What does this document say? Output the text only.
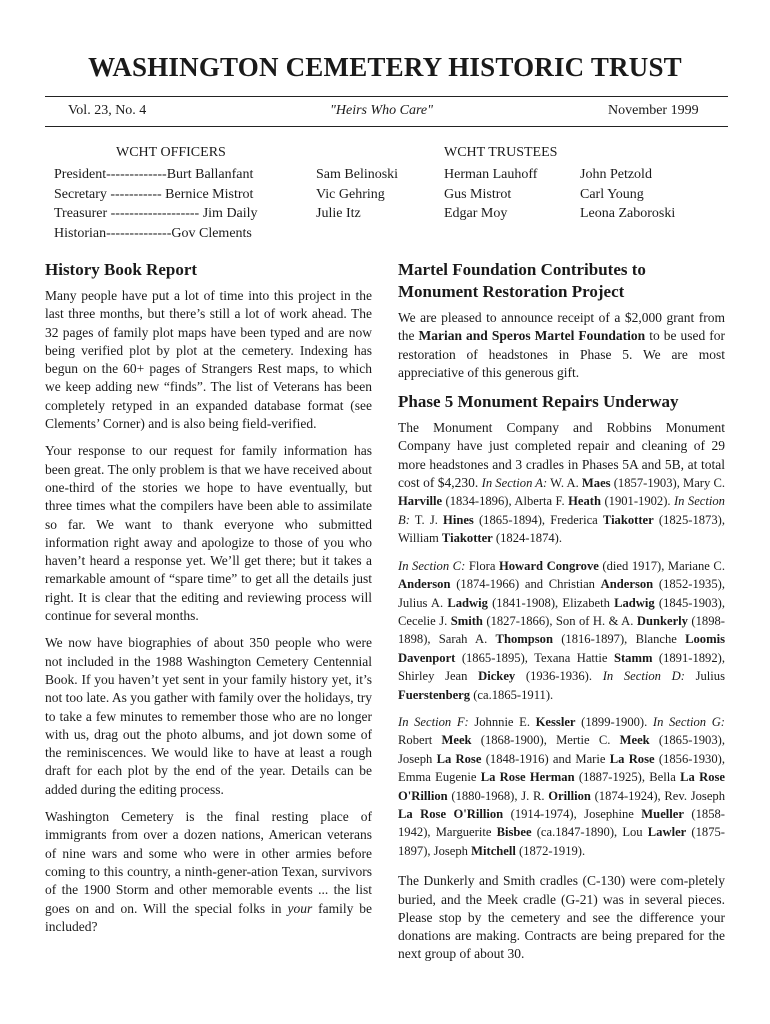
WASHINGTON CEMETERY HISTORIC TRUST
Vol. 23, No. 4	"Heirs Who Care"	November 1999
WCHT OFFICERS
President-------------Burt Ballanfant
Secretary ----------- Bernice Mistrot
Treasurer ------------------- Jim Daily
Historian--------------Gov Clements
WCHT TRUSTEES
Sam Belinoski
Vic Gehring
Julie Itz
Herman Lauhoff
Gus Mistrot
Edgar Moy
John Petzold
Carl Young
Leona Zaboroski
History Book Report

Many people have put a lot of time into this project in the last three months, but there’s still a lot of work ahead. The 32 pages of family plot maps have been typed and are now being verified plot by plot at the cemetery. Indexing has begun on the 60+ pages of Strangers Rest maps, to which we keep adding new “finds”. The list of Veterans has been completely retyped in an expanded database format (see Clements’ Corner) and is also being field-verified.

Your response to our request for family information has been great. The only problem is that we have received about one-third of the stories we hope to have eventually, but three times what the compilers have been able to assimilate so far. We want to thank everyone who submitted information right away and apologize to those of you who haven’t heard a response yet. We’ll get there; but it takes a remarkable amount of “spare time” to get all the details just right. It is clear that the editing and reviewing process will continue for several months.

We now have biographies of about 350 people who were not included in the 1988 Washington Cemetery Centennial Book. If you haven’t yet sent in your family history yet, it’s not too late. As you gather with family over the holidays, try to take a few minutes to remember those who are no longer with us, drag out the photo albums, and jot down some of the reminiscences. We would like to have at least a rough draft for each plot by the end of the year. Details can be added during the editing process.

Washington Cemetery is the final resting place of immigrants from over a dozen nations, American veterans of nine wars and some who were in other armies before coming to this country, a ninth-gener-ation Texan, survivors of the 1900 Storm and other memorable events ... the list goes on and on. Will the special folks in your family be included?

Martel Foundation Contributes to Monument Restoration Project

We are pleased to announce receipt of a $2,000 grant from the Marian and Speros Martel Foundation to be used for restoration of headstones in Phase 5. We are most appreciative of this generous gift.

Phase 5 Monument Repairs Underway

The Monument Company and Robbins Monument Company have just completed repair and cleaning of 29 more headstones and 3 cradles in Phases 5A and 5B, at total cost of $4,230. In Section A: W. A. Maes (1857-1903), Mary C. Harville (1834-1896), Alberta F. Heath (1901-1902). In Section B: T. J. Hines (1865-1894), Frederica Tiakotter (1825-1873), William Tiakotter (1824-1874).

In Section C: Flora Howard Congrove (died 1917), Mariane C. Anderson (1874-1966) and Christian Anderson (1852-1935), Julius A. Ladwig (1841-1908), Elizabeth Ladwig (1845-1903), Cecelie J. Smith (1827-1866), Son of H. & A. Dunkerly (1898-1898), Sarah A. Thompson (1816-1897), Blanche Loomis Davenport (1865-1895), Texana Hattie Stamm (1891-1892), Shirley Jean Dickey (1936-1936). In Section D: Julius Fuerstenberg (ca.1865-1911).

In Section F: Johnnie E. Kessler (1899-1900). In Section G: Robert Meek (1868-1900), Mertie C. Meek (1865-1903), Joseph La Rose (1848-1916) and Marie La Rose (1856-1930), Emma Eugenie La Rose Herman (1887-1925), Bella La Rose O'Rillion (1880-1968), J. R. Orillion (1874-1924), Rev. Joseph La Rose O'Rillion (1914-1974), Josephine Mueller (1858-1942), Marguerite Bisbee (ca.1847-1890), Lou Lawler (1875-1897), Joseph Mitchell (1872-1919).

The Dunkerly and Smith cradles (C-130) were com-pletely buried, and the Meek cradle (G-21) was in several pieces. Please stop by the cemetery and see the difference your donations are making. Contracts are being prepared for the next group of about 30.
